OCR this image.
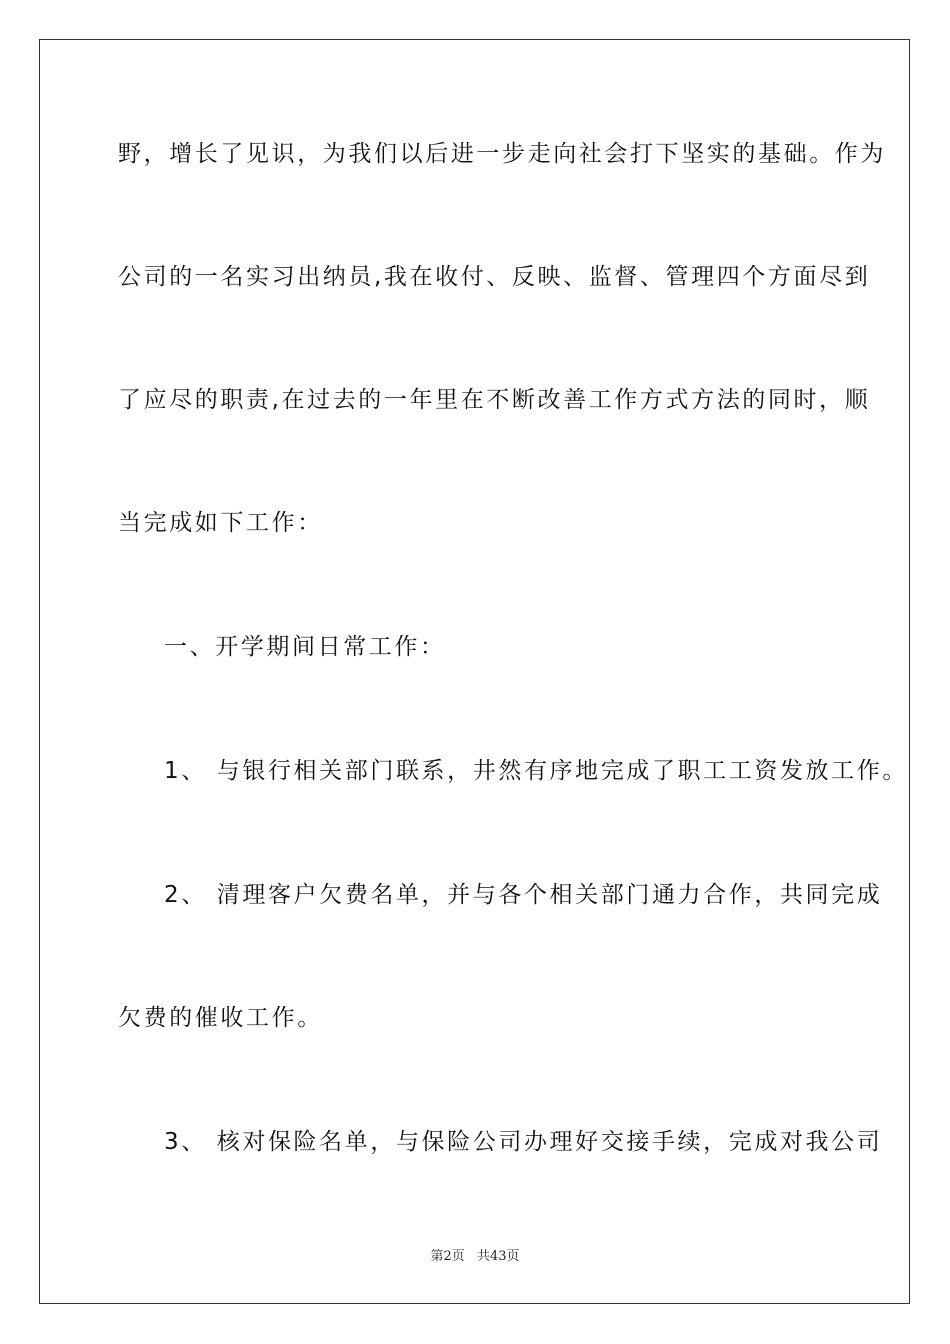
野，增长了见识，为我们以后进一步走向社会打下坚实的基础。作为
公司的一名实习出纳员,我在收付、反映、监督、管理四个方面尽到
了应尽的职责,在过去的一年里在不断改善工作方式方法的同时，顺
当完成如下工作：
一、开学期间日常工作：
1、 与银行相关部门联系，井然有序地完成了职工工资发放工作。
2、 清理客户欠费名单，并与各个相关部门通力合作，共同完成
欠费的催收工作。
3、 核对保险名单，与保险公司办理好交接手续，完成对我公司
第2页 共43页
